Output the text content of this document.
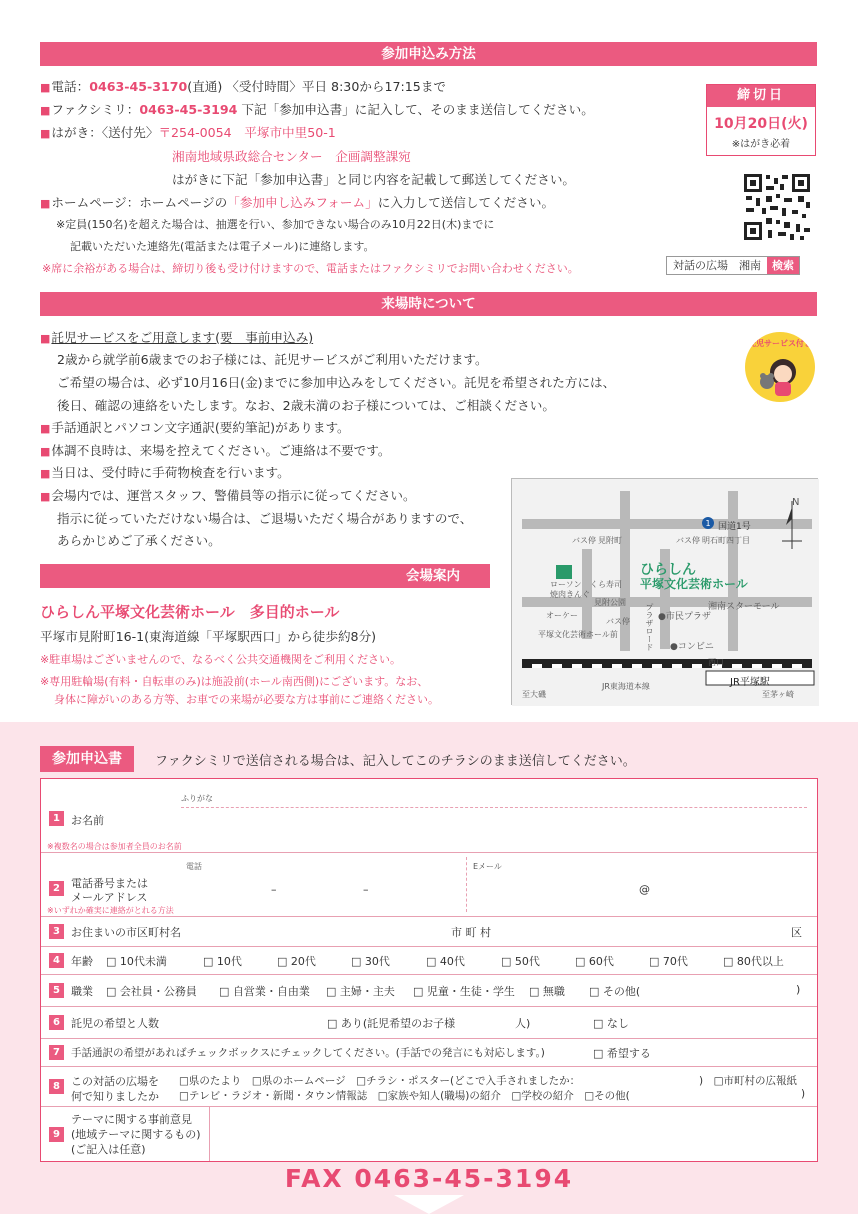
参加申込み方法
■電話：0463-45-3170(直通) 〈受付時間〉平日 8:30から17:15まで
■ファクシミリ：0463-45-3194 下記「参加申込書」に記入して、そのまま送信してください。
■はがき：〈送付先〉〒254-0054　平塚市中里50-1
湘南地域県政総合センター　企画調整課宛
はがきに下記「参加申込書」と同じ内容を記載して郵送してください。
■ホームページ：ホームページの「参加申し込みフォーム」に入力して送信してください。
※定員(150名)を超えた場合は、抽選を行い、参加できない場合のみ10月22日(木)までに
記載いただいた連絡先(電話または電子メール)に連絡します。
※席に余裕がある場合は、締切り後も受け付けますので、電話またはファクシミリでお問い合わせください。
締切日
10月20日(火)
※はがき必着
対話の広場　湘南	検索
来場時について
■託児サービスをご用意します(要　事前申込み)
2歳から就学前6歳までのお子様には、託児サービスがご利用いただけます。
ご希望の場合は、必ず10月16日(金)までに参加申込みをしてください。託児を希望された方には、
後日、確認の連絡をいたします。なお、2歳未満のお子様については、ご相談ください。
■手話通訳とパソコン文字通訳(要約筆記)があります。
■体調不良時は、来場を控えてください。ご連絡は不要です。
■当日は、受付時に手荷物検査を行います。
■会場内では、運営スタッフ、警備員等の指示に従ってください。
指示に従っていただけない場合は、ご退場いただく場合がありますので、
あらかじめご了承ください。
託児サービス付き
1
N
国道1号
バス停 見附町	バス停 明石町四丁目
ローソン
焼肉きんぐ
くら寿司
見附公園
ひらしん
平塚文化芸術ホール
オーケー
バス停
平塚文化芸術ホール前	プラザロード ●市民プラザ
湘南スターモール
●コンビニ
西口
JR平塚駅
至大磯
JR東海道本線
至茅ヶ崎
会場案内
ひらしん平塚文化芸術ホール　多目的ホール
平塚市見附町16-1(東海道線「平塚駅西口」から徒歩約8分)
※駐車場はございませんので、なるべく公共交通機関をご利用ください。
※専用駐輪場(有料・自転車のみ)は施設前(ホール南西側)にございます。なお、
身体に障がいのある方等、お車での来場が必要な方は事前にご連絡ください。
参加申込書	ファクシミリで送信される場合は、記入してこのチラシのまま送信してください。
ふりがな
1	お名前
※複数名の場合は参加者全員のお名前
電話	Eメール
2	電話番号または
メールアドレス
※いずれか確実に連絡がとれる方法
–	–	@
3	お住まいの市区町村名	市 町 村	区
4	年齢 □ 10代未満	□ 10代	□ 20代	□ 30代	□ 40代	□ 50代	□ 60代	□ 70代	□ 80代以上
5	職業 □ 会社員・公務員 □ 自営業・自由業 □ 主婦・主夫 □ 児童・生徒・学生 □ 無職 □ その他(	)
6	託児の希望と人数	□ あり(託児希望のお子様	人)	□ なし
7	手話通訳の希望があればチェックボックスにチェックしてください。(手話での発言にも対応します。)	□ 希望する
8	この対話の広場を
何で知りましたか
□県のたより　□県のホームページ　□チラシ・ポスター(どこで入手されましたか：	)　□市町村の広報紙
□テレビ・ラジオ・新聞・タウン情報誌　□家族や知人(職場)の紹介　□学校の紹介　□その他(	)
9
テーマに関する事前意見
(地域テーマに関するもの)
(ご記入は任意)
FAX 0463-45-3194
